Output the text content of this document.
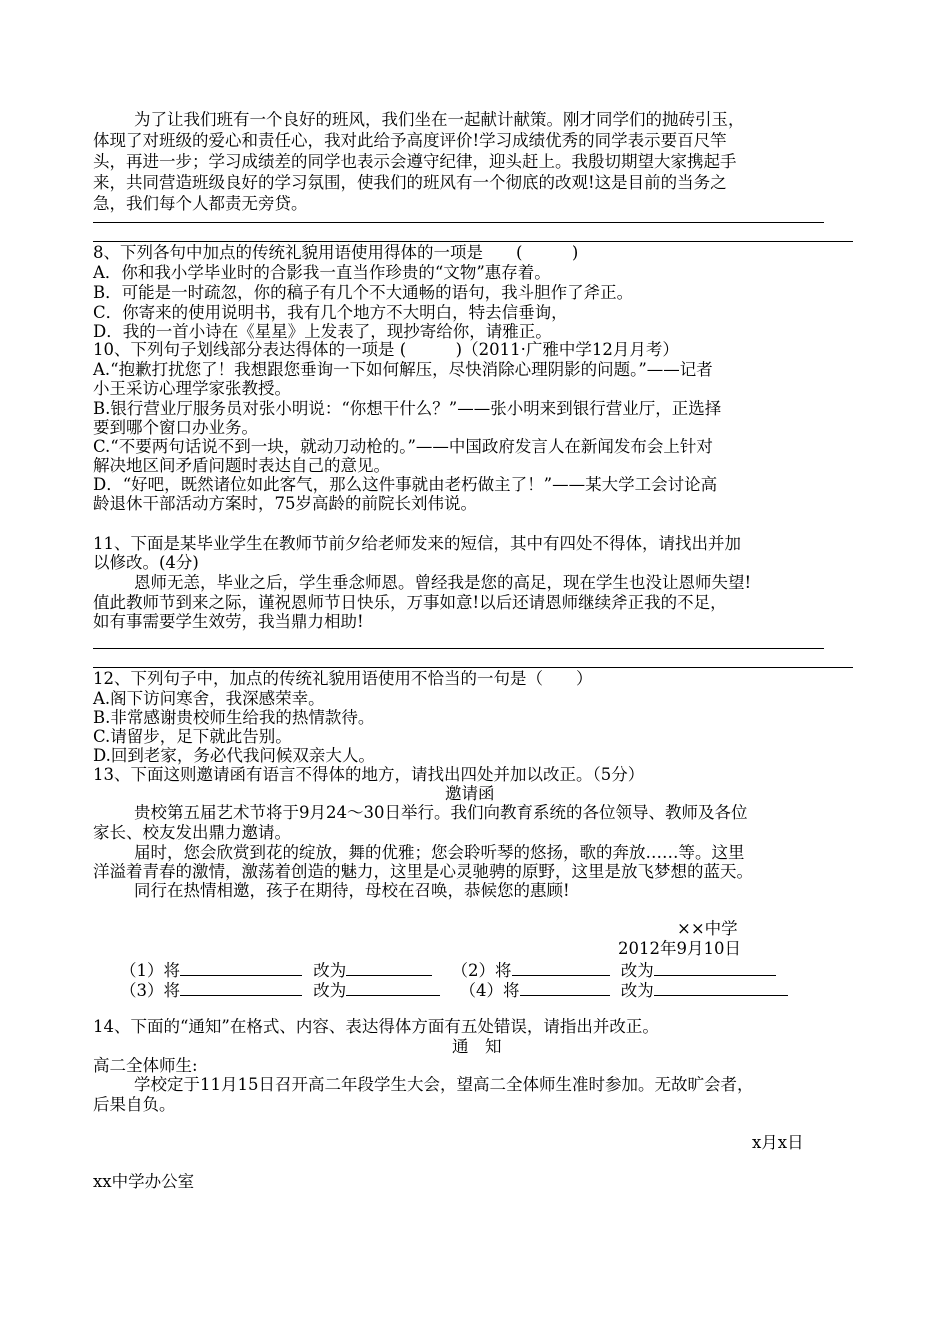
为了让我们班有一个良好的班风，我们坐在一起献计献策。刚才同学们的抛砖引玉，
体现了对班级的爱心和责任心，我对此给予高度评价!学习成绩优秀的同学表示要百尺竿
头，再进一步；学习成绩差的同学也表示会遵守纪律，迎头赶上。我殷切期望大家携起手
来，共同营造班级良好的学习氛围，使我们的班风有一个彻底的改观!这是目前的当务之
急，我们每个人都责无旁贷。
8、下列各句中加点的传统礼貌用语使用得体的一项是　　(　　　)
A．你和我小学毕业时的合影我一直当作珍贵的“文物”惠存着。
B．可能是一时疏忽，你的稿子有几个不大通畅的语句，我斗胆作了斧正。
C．你寄来的使用说明书，我有几个地方不大明白，特去信垂询，
D．我的一首小诗在《星星》上发表了，现抄寄给你，请雅正。
10、下列句子划线部分表达得体的一项是 (　　　)（2011·广雅中学12月月考）
A.“抱歉打扰您了！我想跟您垂询一下如何解压，尽快消除心理阴影的问题。”——记者
小王采访心理学家张教授。
B.银行营业厅服务员对张小明说：“你想干什么？”——张小明来到银行营业厅，正选择
要到哪个窗口办业务。
C.“不要两句话说不到一块，就动刀动枪的。”——中国政府发言人在新闻发布会上针对
解决地区间矛盾问题时表达自己的意见。
D．“好吧，既然诸位如此客气，那么这件事就由老朽做主了！”——某大学工会讨论高
龄退休干部活动方案时，75岁高龄的前院长刘伟说。
11、下面是某毕业学生在教师节前夕给老师发来的短信，其中有四处不得体，请找出并加
以修改。(4分)
恩师无恙，毕业之后，学生垂念师恩。曾经我是您的高足，现在学生也没让恩师失望!
值此教师节到来之际，谨祝恩师节日快乐，万事如意!以后还请恩师继续斧正我的不足，
如有事需要学生效劳，我当鼎力相助!
12、下列句子中，加点的传统礼貌用语使用不恰当的一句是（　　）
A.阁下访问寒舍，我深感荣幸。
B.非常感谢贵校师生给我的热情款待。
C.请留步，足下就此告别。
D.回到老家，务必代我问候双亲大人。
13、下面这则邀请函有语言不得体的地方，请找出四处并加以改正。（5分）
邀请函
贵校第五届艺术节将于9月24～30日举行。我们向教育系统的各位领导、教师及各位
家长、校友发出鼎力邀请。
届时，您会欣赏到花的绽放，舞的优雅；您会聆听琴的悠扬，歌的奔放……等。这里
洋溢着青春的激情，激荡着创造的魅力，这里是心灵驰骋的原野，这里是放飞梦想的蓝天。
同行在热情相邀，孩子在期待，母校在召唤，恭候您的惠顾!
××中学
2012年9月10日
（1）将	改为	（2）将	改为
（3）将	改为	（4）将	改为
14、下面的“通知”在格式、内容、表达得体方面有五处错误，请指出并改正。
通　知
高二全体师生:
学校定于11月15日召开高二年段学生大会，望高二全体师生准时参加。无故旷会者，
后果自负。
x月x日
xx中学办公室
